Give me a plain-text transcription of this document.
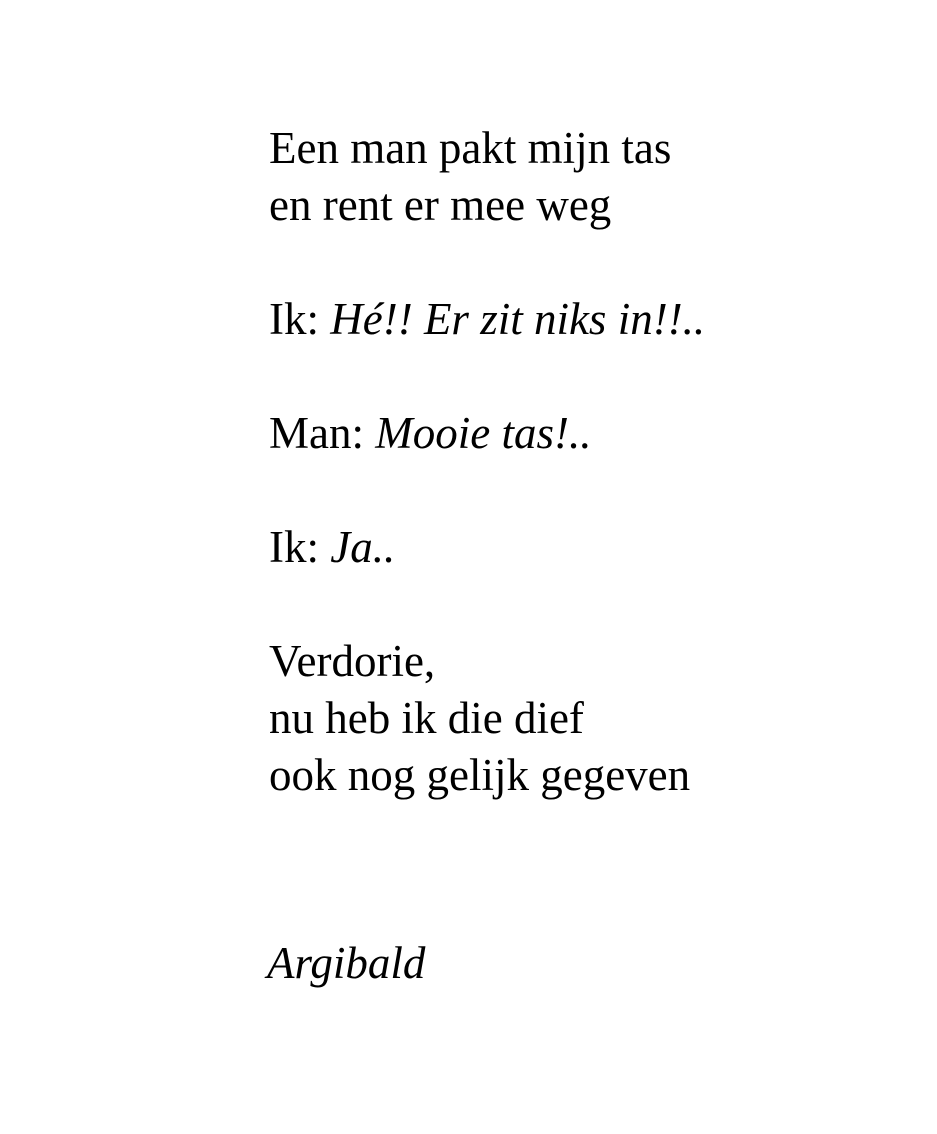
Een man pakt mijn tas
en rent er mee weg

Ik: Hé!! Er zit niks in!!..

Man: Mooie tas!..

Ik: Ja..

Verdorie,
nu heb ik die dief
ook nog gelijk gegeven

Argibald
